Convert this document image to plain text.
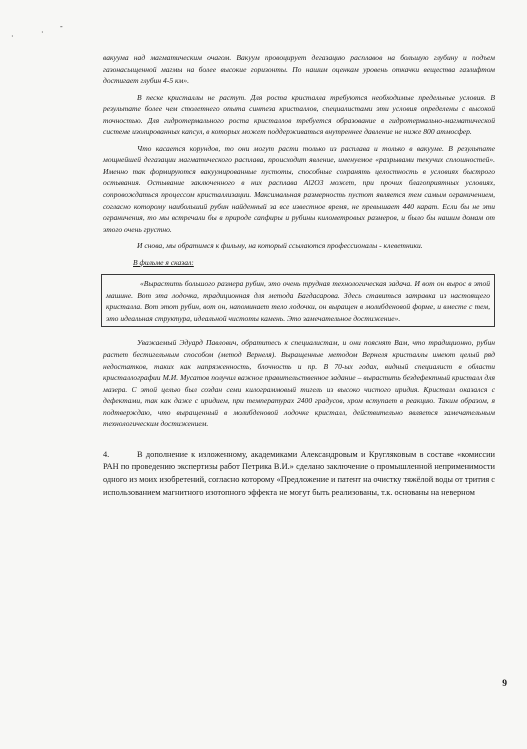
·	·
-

вакуума над магматическим очагом. Вакуум провоцирует дегазацию расплавов на большую глубину и подъем газонасыщенной магмы на более высокие горизонты. По нашим оценкам уровень откачки вещества газлифтом достигает глубин 4-5 км».

В песке кристаллы не растут. Для роста кристалла требуются необходимые предельные условия. В результате более чем столетнего опыта синтеза кристаллов, специалистами эти условия определены с высокой точностью. Для гидротермального роста кристаллов требуется образование в гидротермально-магматической системе изолированных капсул, в которых может поддерживаться внутреннее давление не ниже 800 атмосфер.

Что касается корундов, то они могут расти только из расплава и только в вакууме. В результате мощнейшей дегазации магматического расплава, происходит явление, именуемое «разрывами текучих сплошностей». Именно так формируются вакуумированные пустоты, способные сохранять целостность в условиях быстрого остывания. Остывание заключенного в них расплава Al2O3 может, при прочих благоприятных условиях, сопровождаться процессом кристаллизации. Максимальная размерность пустот является тем самым ограничением, согласно которому наибольший рубин найденный за все известное время, не превышает 440 карат. Если бы не эти ограничения, то мы встречали бы в природе сапфиры и рубины километровых размеров, и было бы нашим домам от этого очень грустно.

И снова, мы обратимся к фильму, на который ссылаются профессионалы - клеветники.

В фильме я сказал:

«Вырастить большого размера рубин, это очень трудная технологическая задача. И вот он вырос в этой машине. Вот эта лодочка, традиционная для метода Багдасарова. Здесь ставиться затравка из настоящего кристалла. Вот этот рубин, вот он, напоминает тело лодочки, он выращен в молибденовой форме, и вместе с тем, это идеальная структура, идеальной чистоты камень. Это замечательное достижение».

Уважаемый Эдуард Павлович, обратитесь к специалистам, и они пояснят Вам, что традиционно, рубин растет бестигельным способом (метод Вернеля). Выращенные методом Вернеля кристаллы имеют целый ряд недостатков, таких как напряженность, блочность и пр. В 70-ых годах, видный специалист в области кристаллографии М.И. Мусатов получил важное правительственное задание – вырастить бездефектный кристалл для мазера. С этой целью был создан семи килограммовый тигель из высоко чистого иридия. Кристалл оказался с дефектами, так как даже с иридием, при температурах 2400 градусов, хром вступает в реакцию. Таким образом, я подтверждаю, что выращенный в молибденовой лодочке кристалл, действительно является замечательным технологическим достижением.

4.	В дополнение к изложенному, академиками Александровым и Кругляковым в составе «комиссии РАН по проведению экспертизы работ Петрика В.И.» сделано заключение о промышленной неприменимости одного из моих изобретений, согласно которому «Предложение и патент на очистку тяжёлой воды от трития с использованием магнитного изотопного эффекта не могут быть реализованы, т.к. основаны на неверном

9
